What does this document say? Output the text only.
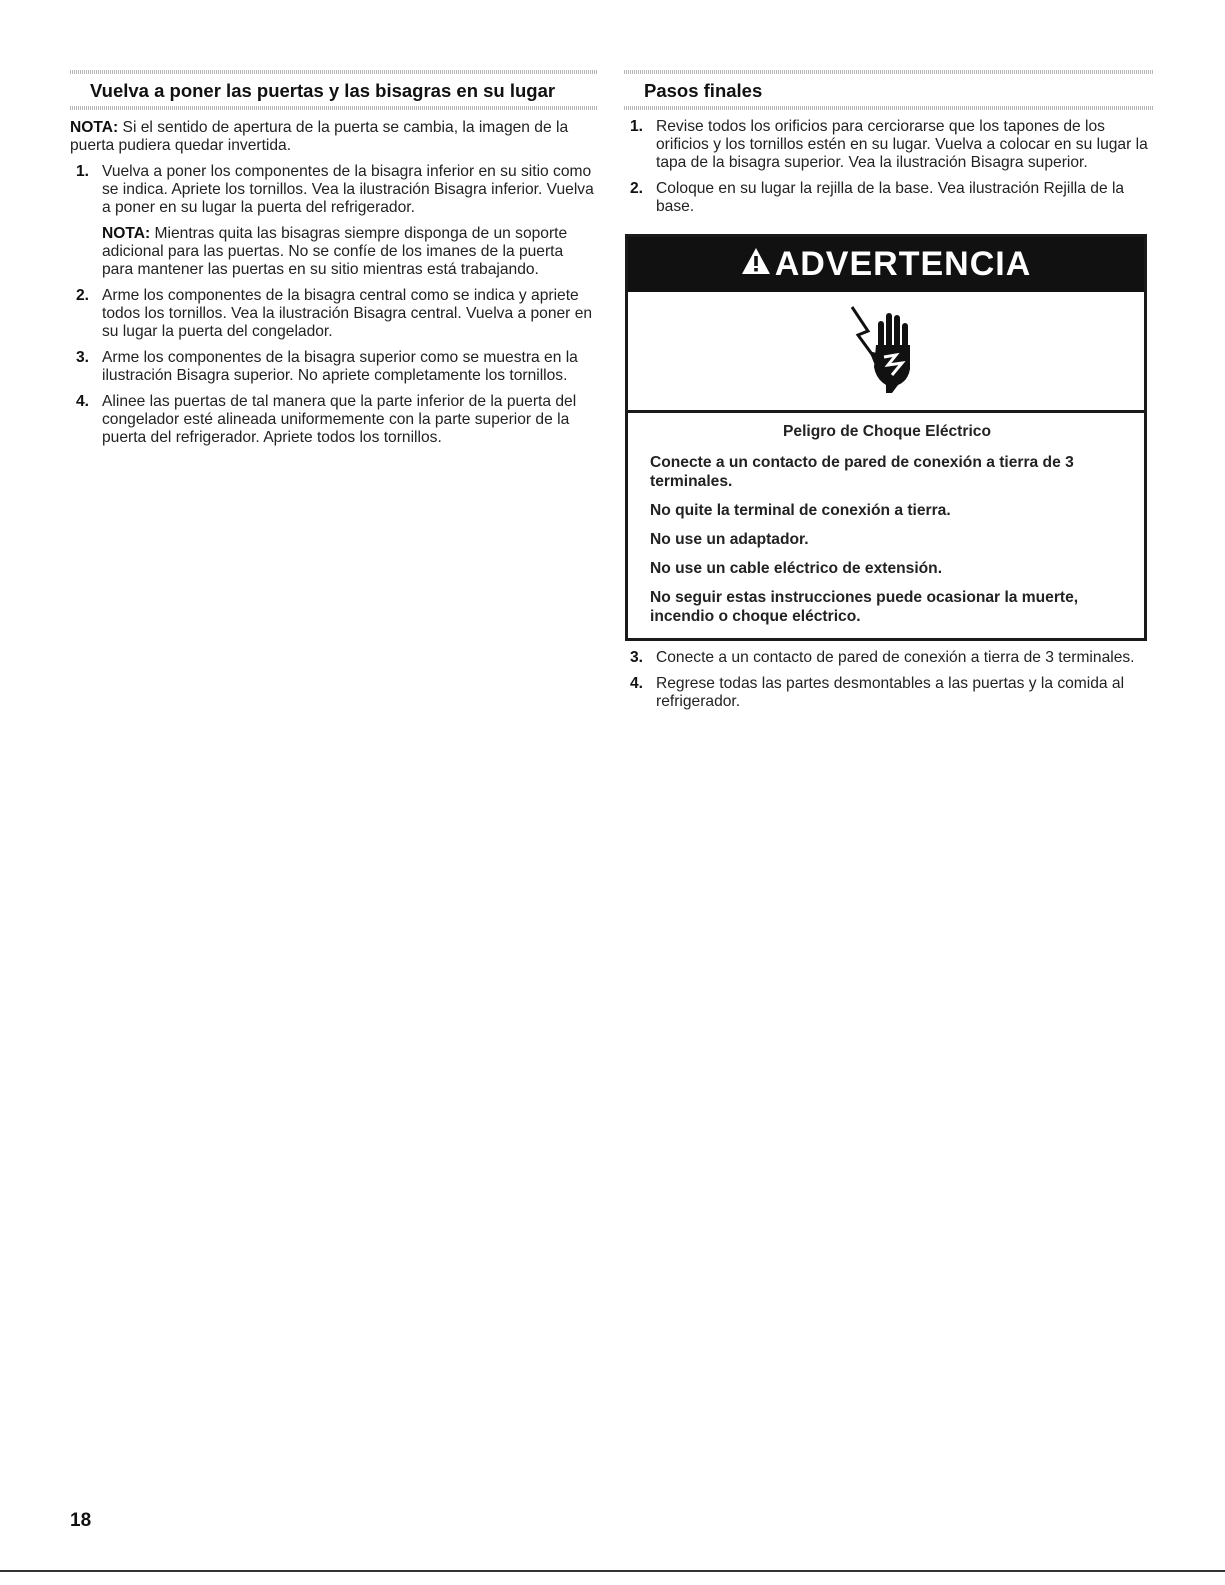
Vuelva a poner las puertas y las bisagras en su lugar

NOTA: Si el sentido de apertura de la puerta se cambia, la imagen de la puerta pudiera quedar invertida.

1. Vuelva a poner los componentes de la bisagra inferior en su sitio como se indica. Apriete los tornillos. Vea la ilustración Bisagra inferior. Vuelva a poner en su lugar la puerta del refrigerador.
NOTA: Mientras quita las bisagras siempre disponga de un soporte adicional para las puertas. No se confíe de los imanes de la puerta para mantener las puertas en su sitio mientras está trabajando.
2. Arme los componentes de la bisagra central como se indica y apriete todos los tornillos. Vea la ilustración Bisagra central. Vuelva a poner en su lugar la puerta del congelador.
3. Arme los componentes de la bisagra superior como se muestra en la ilustración Bisagra superior. No apriete completamente los tornillos.
4. Alinee las puertas de tal manera que la parte inferior de la puerta del congelador esté alineada uniformemente con la parte superior de la puerta del refrigerador. Apriete todos los tornillos.
Pasos finales
1. Revise todos los orificios para cerciorarse que los tapones de los orificios y los tornillos estén en su lugar. Vuelva a colocar en su lugar la tapa de la bisagra superior. Vea la ilustración Bisagra superior.
2. Coloque en su lugar la rejilla de la base. Vea ilustración Rejilla de la base.
ADVERTENCIA

Peligro de Choque Eléctrico

Conecte a un contacto de pared de conexión a tierra de 3 terminales.

No quite la terminal de conexión a tierra.

No use un adaptador.

No use un cable eléctrico de extensión.

No seguir estas instrucciones puede ocasionar la muerte, incendio o choque eléctrico.

3. Conecte a un contacto de pared de conexión a tierra de 3 terminales.
4. Regrese todas las partes desmontables a las puertas y la comida al refrigerador.
18
